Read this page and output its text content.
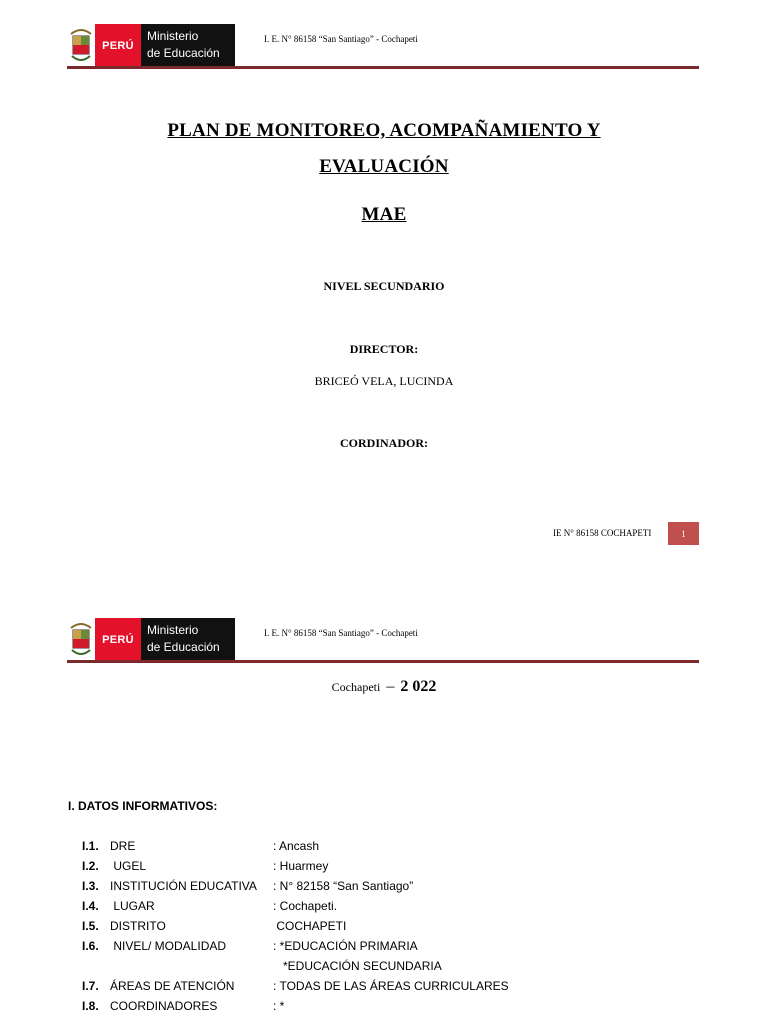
PERÚ
Ministerio
de Educación
I. E. N° 86158 “San Santiago” - Cochapeti
PLAN DE MONITOREO, ACOMPAÑAMIENTO Y
EVALUACIÓN
MAE
NIVEL SECUNDARIO
DIRECTOR:
BRICEÓ VELA, LUCINDA
CORDINADOR:
IE N° 86158 COCHAPETI	1
PERÚ
Ministerio
de Educación
I. E. N° 86158 “San Santiago” - Cochapeti
Cochapeti – 2 022
I. DATOS INFORMATIVOS:
I.1. DRE	: Ancash
I.2. UGEL	: Huarmey
I.3. INSTITUCIÓN EDUCATIVA : N° 82158 “San Santiago”
I.4. LUGAR	: Cochapeti.
I.5. DISTRITO	COCHAPETI
I.6. NIVEL/ MODALIDAD	: *EDUCACIÓN PRIMARIA
*EDUCACIÓN SECUNDARIA
I.7. ÁREAS DE ATENCIÓN	: TODAS DE LAS ÁREAS CURRICULARES
I.8. COORDINADORES	: *
